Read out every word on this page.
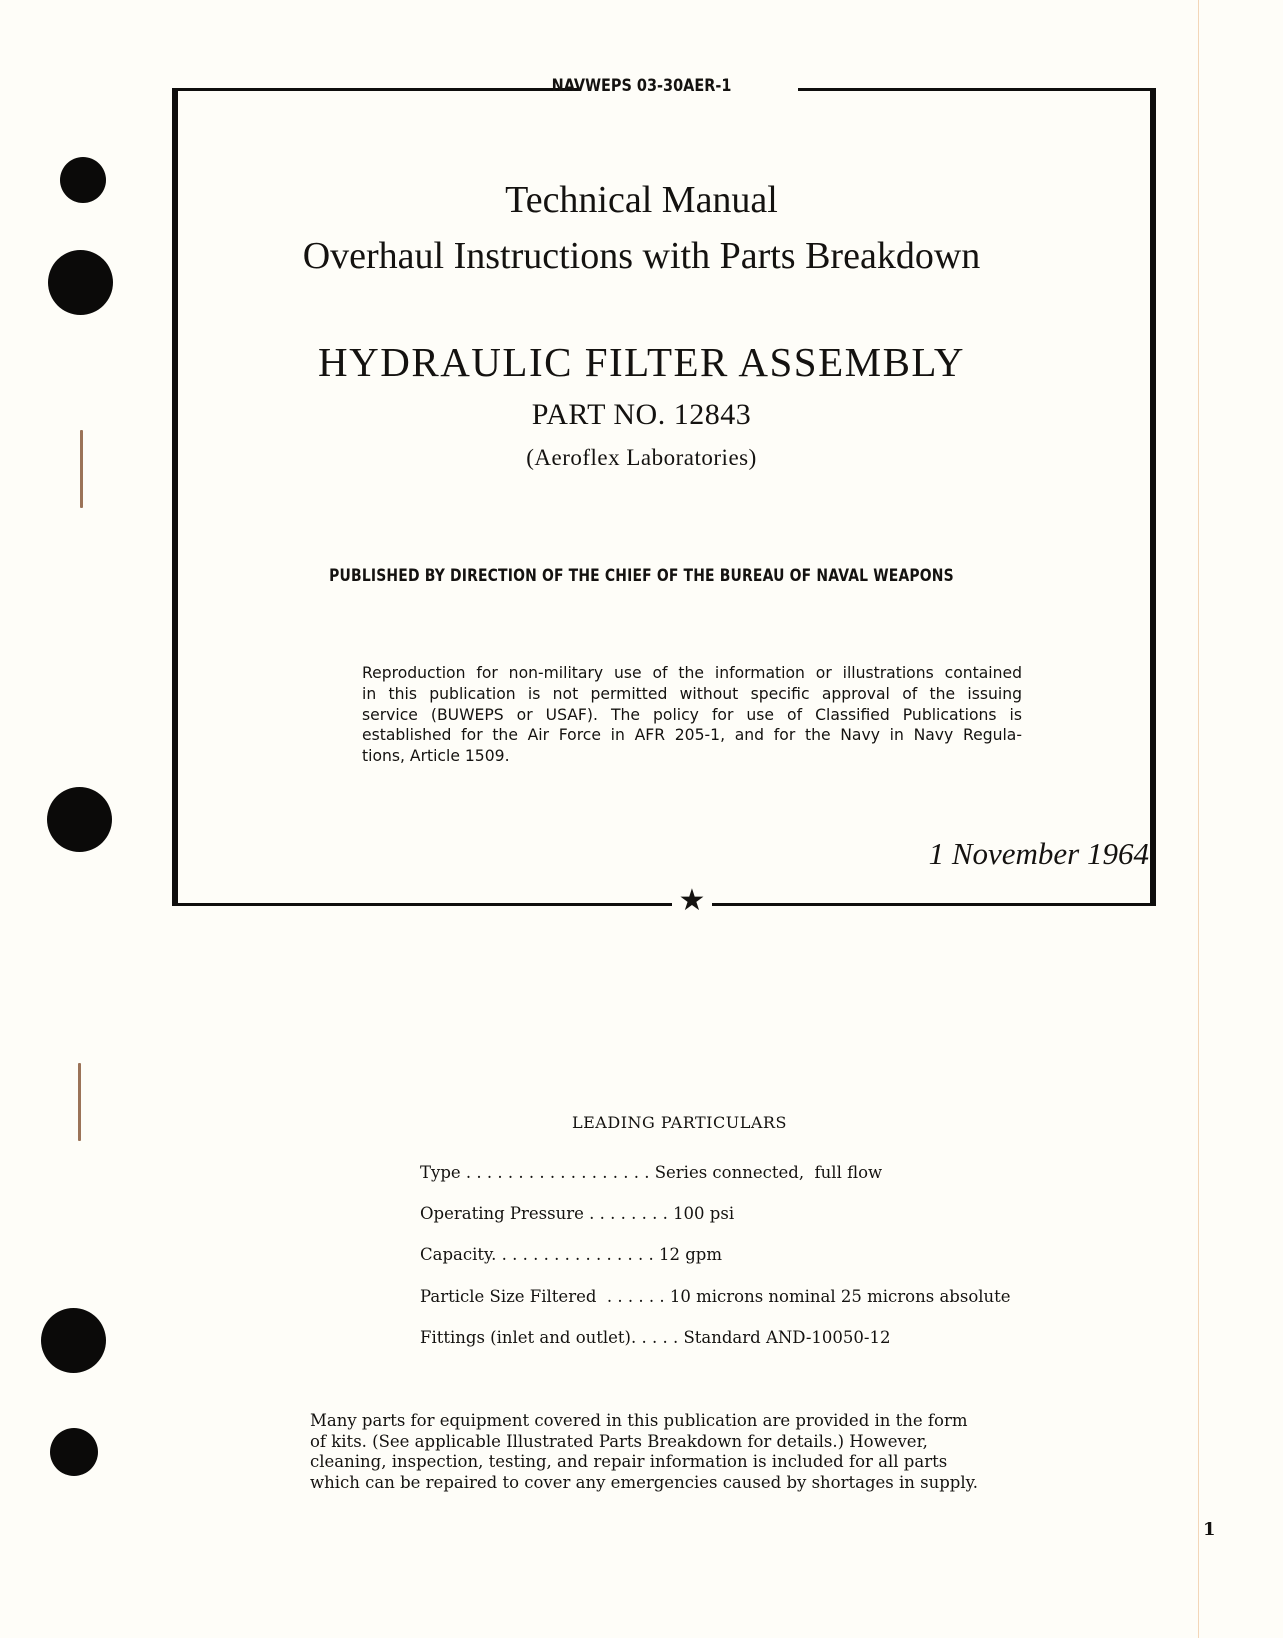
NAVWEPS 03-30AER-1
★
Technical Manual
Overhaul Instructions with Parts Breakdown
HYDRAULIC FILTER ASSEMBLY
PART NO. 12843
(Aeroflex Laboratories)
PUBLISHED BY DIRECTION OF THE CHIEF OF THE BUREAU OF NAVAL WEAPONS
Reproduction for non-military use of the information or illustrations contained
in this publication is not permitted without specific approval of the issuing
service (BUWEPS or USAF). The policy for use of Classified Publications is
established for the Air Force in AFR 205-1, and for the Navy in Navy Regula-
tions, Article 1509.
1 November 1964
LEADING PARTICULARS
Type . . . . . . . . . . . . . . . . . . Series connected,  full flow
Operating Pressure . . . . . . . . 100 psi
Capacity. . . . . . . . . . . . . . . . 12 gpm
Particle Size Filtered  . . . . . . 10 microns nominal 25 microns absolute
Fittings (inlet and outlet). . . . . Standard AND-10050-12
Many parts for equipment covered in this publication are provided in the form
of kits. (See applicable Illustrated Parts Breakdown for details.) However,
cleaning, inspection, testing, and repair information is included for all parts
which can be repaired to cover any emergencies caused by shortages in supply.
1
